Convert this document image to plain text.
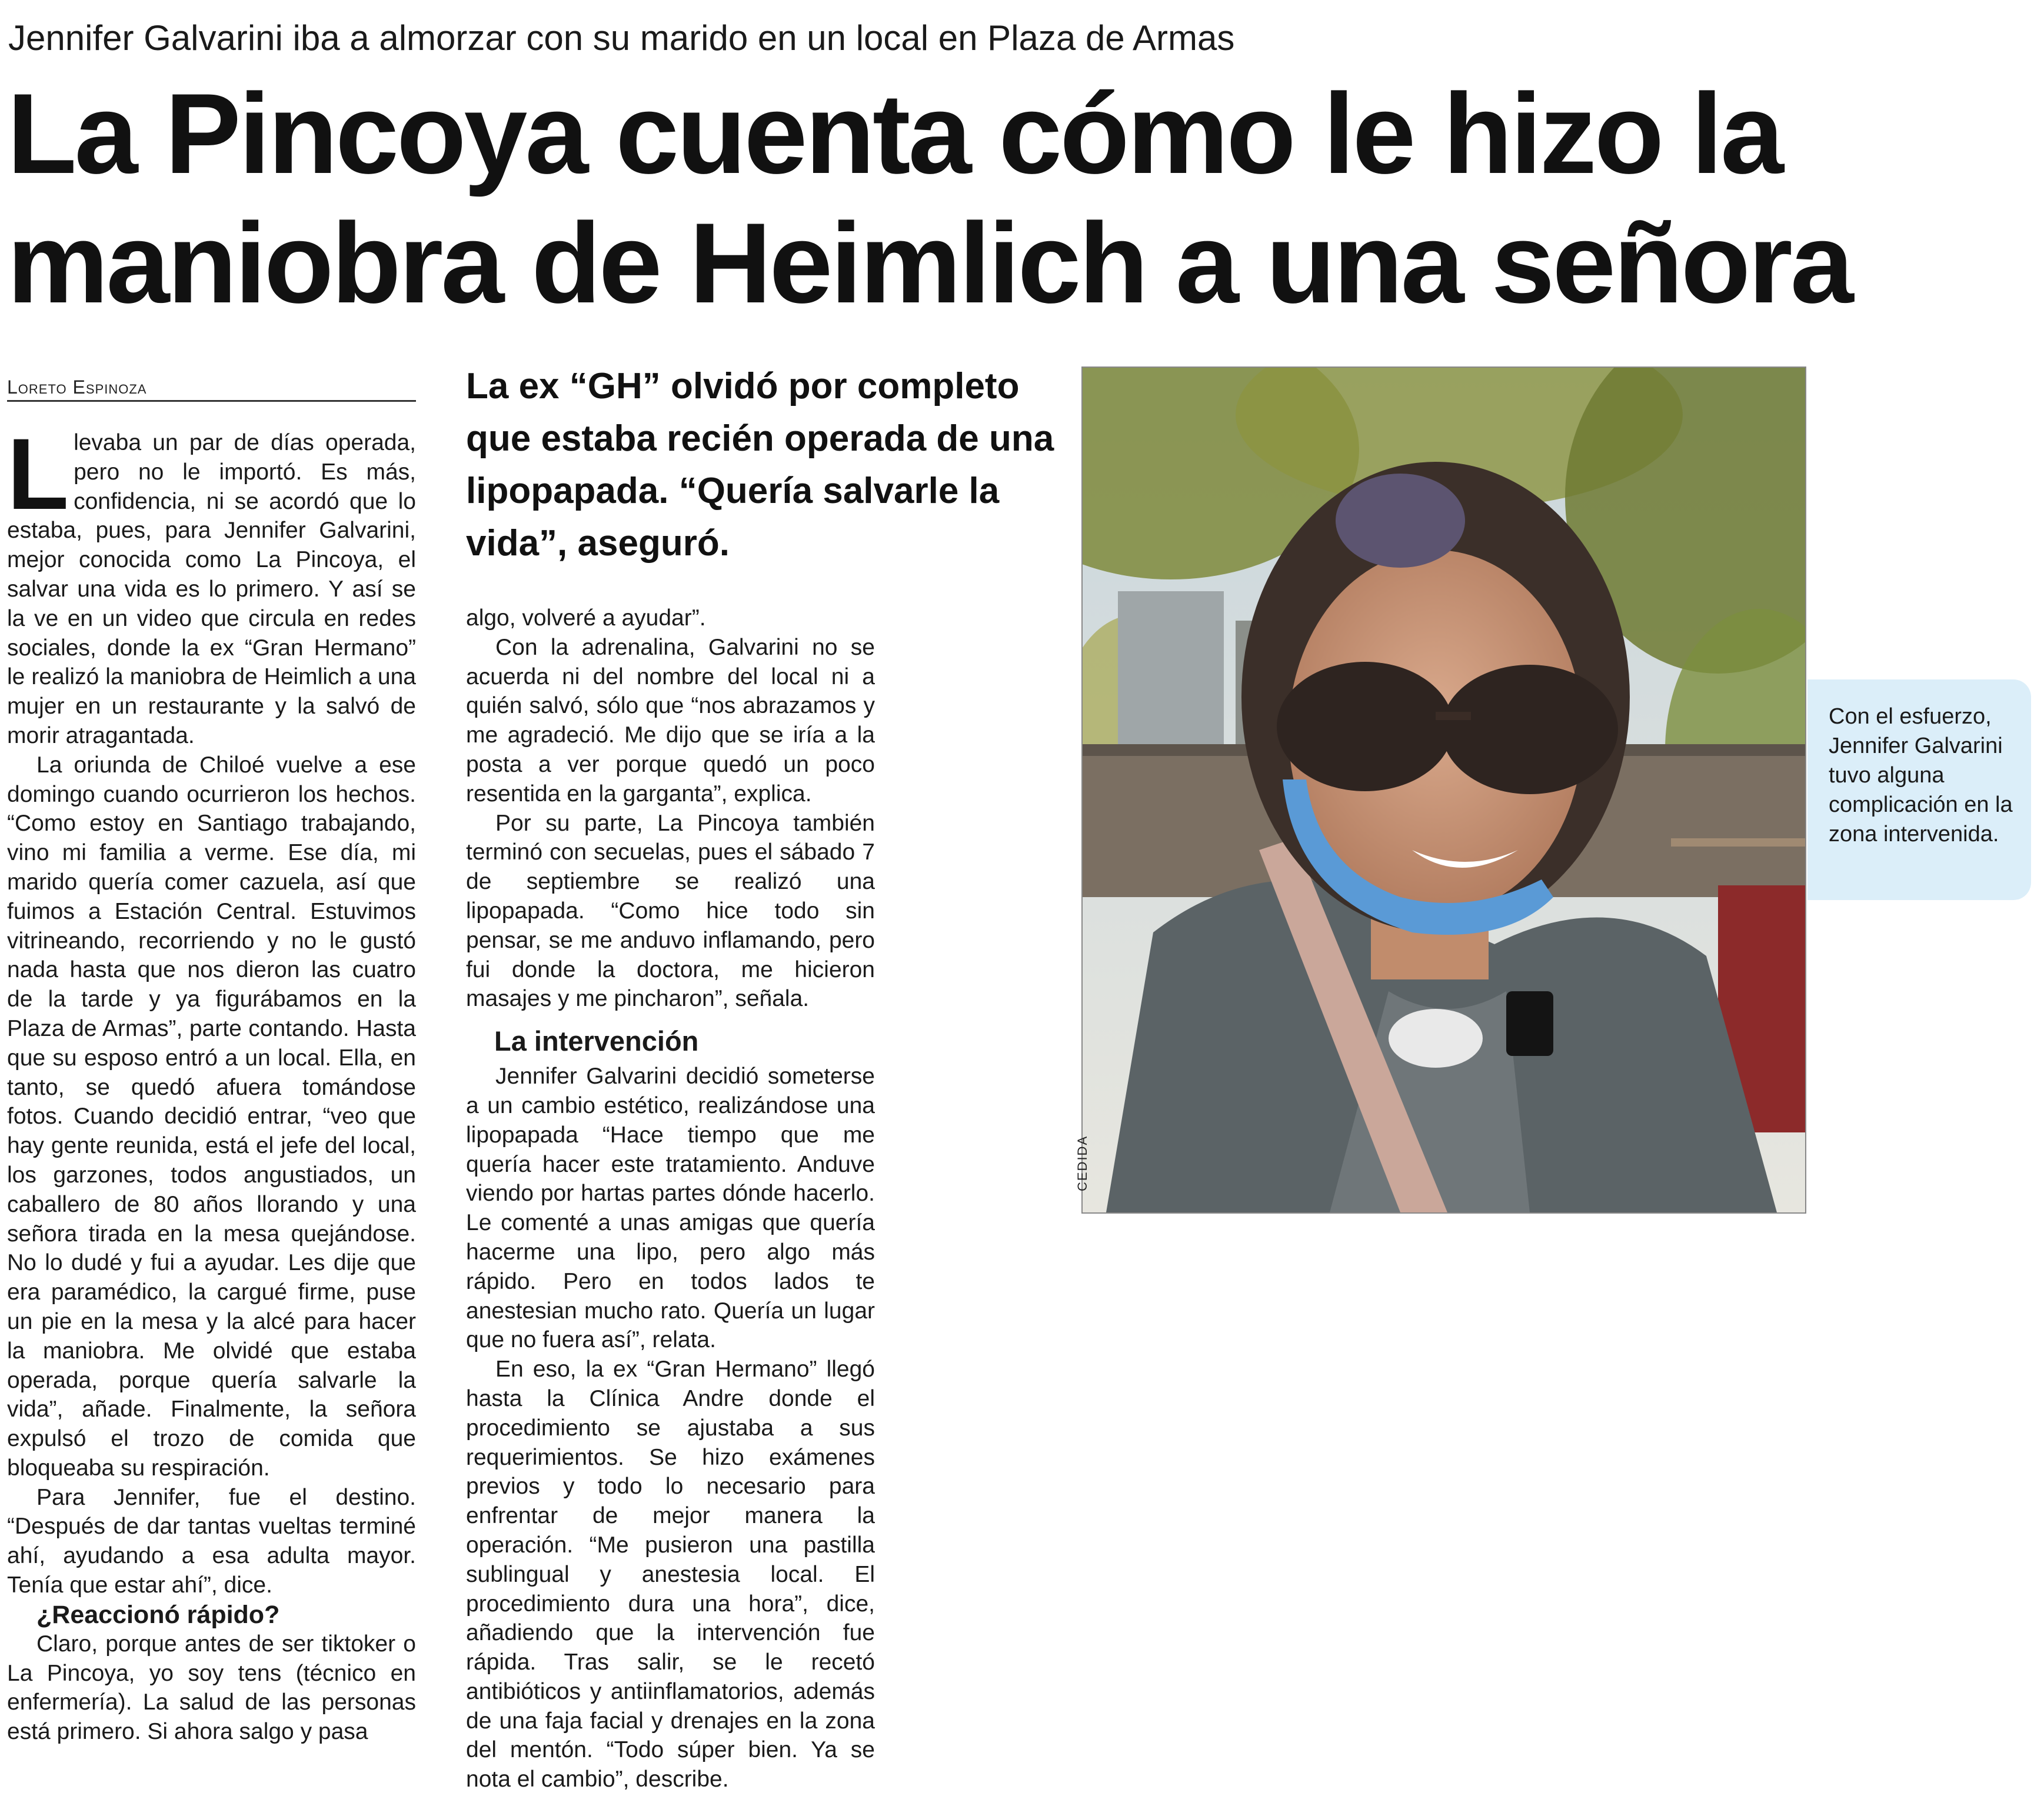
Jennifer Galvarini iba a almorzar con su marido en un local en Plaza de Armas
La Pincoya cuenta cómo le hizo la
maniobra de Heimlich a una señora
Loreto Espinoza
L levaba un par de días operada, pero no le importó. Es más, confidencia, ni se acordó que lo estaba, pues, para Jennifer Galvarini, mejor conocida como La Pincoya, el salvar una vida es lo primero. Y así se la ve en un video que circula en redes sociales, donde la ex “Gran Hermano” le realizó la maniobra de Heimlich a una mujer en un restaurante y la salvó de morir atragantada.

La oriunda de Chiloé vuelve a ese domingo cuando ocurrieron los hechos. “Como estoy en Santiago trabajando, vino mi familia a verme. Ese día, mi marido quería comer cazuela, así que fuimos a Estación Central. Estuvimos vitrineando, recorriendo y no le gustó nada hasta que nos dieron las cuatro de la tarde y ya figurábamos en la Plaza de Armas”, parte contando. Hasta que su esposo entró a un local. Ella, en tanto, se quedó afuera tomándose fotos. Cuando decidió entrar, “veo que hay gente reunida, está el jefe del local, los garzones, todos angustiados, un caballero de 80 años llorando y una señora tirada en la mesa quejándose. No lo dudé y fui a ayudar. Les dije que era paramédico, la cargué firme, puse un pie en la mesa y la alcé para hacer la maniobra. Me olvidé que estaba operada, porque quería salvarle la vida”, añade. Finalmente, la señora expulsó el trozo de comida que bloqueaba su respiración.

Para Jennifer, fue el destino. “Después de dar tantas vueltas terminé ahí, ayudando a esa adulta mayor. Tenía que estar ahí”, dice.

¿Reaccionó rápido?

Claro, porque antes de ser tiktoker o La Pincoya, yo soy tens (técnico en enfermería). La salud de las personas está primero. Si ahora salgo y pasa

La ex “GH” olvidó por completo que estaba recién operada de una lipopapada. “Quería salvarle la vida”, aseguró.

algo, volveré a ayudar”.

Con la adrenalina, Galvarini no se acuerda ni del nombre del local ni a quién salvó, sólo que “nos abrazamos y me agradeció. Me dijo que se iría a la posta a ver porque quedó un poco resentida en la garganta”, explica.

Por su parte, La Pincoya también terminó con secuelas, pues el sábado 7 de septiembre se realizó una lipopapada. “Como hice todo sin pensar, se me anduvo inflamando, pero fui donde la doctora, me hicieron masajes y me pincharon”, señala.

La intervención

Jennifer Galvarini decidió someterse a un cambio estético, realizándose una lipopapada “Hace tiempo que me quería hacer este tratamiento. Anduve viendo por hartas partes dónde hacerlo. Le comenté a unas amigas que quería hacerme una lipo, pero algo más rápido. Pero en todos lados te anestesian mucho rato. Quería un lugar que no fuera así”, relata.

En eso, la ex “Gran Hermano” llegó hasta la Clínica Andre donde el procedimiento se ajustaba a sus requerimientos. Se hizo exámenes previos y todo lo necesario para enfrentar de mejor manera la operación. “Me pusieron una pastilla sublingual y anestesia local. El procedimiento dura una hora”, dice, añadiendo que la intervención fue rápida. Tras salir, se le recetó antibióticos y antiinflamatorios, además de una faja facial y drenajes en la zona del mentón. “Todo súper bien. Ya se nota el cambio”, describe.

CEDIDA
Con el esfuerzo, Jennifer Galvarini tuvo alguna complicación en la zona intervenida.
